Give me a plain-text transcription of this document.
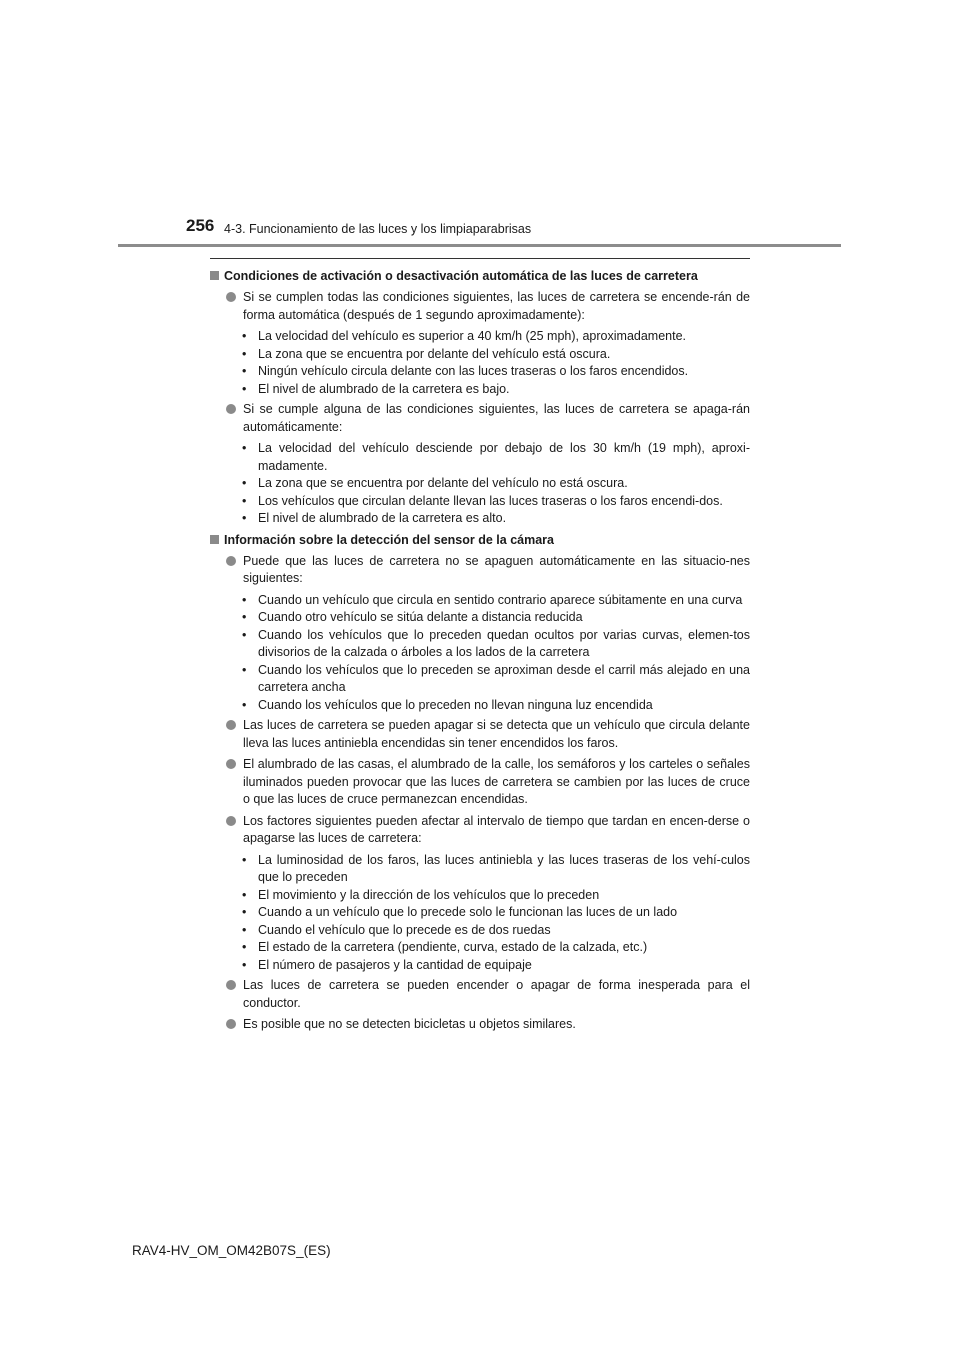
256 4-3. Funcionamiento de las luces y los limpiaparabrisas
Condiciones de activación o desactivación automática de las luces de carretera
Si se cumplen todas las condiciones siguientes, las luces de carretera se encende-rán de forma automática (después de 1 segundo aproximadamente):
• La velocidad del vehículo es superior a 40 km/h (25 mph), aproximadamente.
• La zona que se encuentra por delante del vehículo está oscura.
• Ningún vehículo circula delante con las luces traseras o los faros encendidos.
• El nivel de alumbrado de la carretera es bajo.
Si se cumple alguna de las condiciones siguientes, las luces de carretera se apaga-rán automáticamente:
• La velocidad del vehículo desciende por debajo de los 30 km/h (19 mph), aproxi-madamente.
• La zona que se encuentra por delante del vehículo no está oscura.
• Los vehículos que circulan delante llevan las luces traseras o los faros encendi-dos.
• El nivel de alumbrado de la carretera es alto.
Información sobre la detección del sensor de la cámara
Puede que las luces de carretera no se apaguen automáticamente en las situacio-nes siguientes:
• Cuando un vehículo que circula en sentido contrario aparece súbitamente en una curva
• Cuando otro vehículo se sitúa delante a distancia reducida
• Cuando los vehículos que lo preceden quedan ocultos por varias curvas, elemen-tos divisorios de la calzada o árboles a los lados de la carretera
• Cuando los vehículos que lo preceden se aproximan desde el carril más alejado en una carretera ancha
• Cuando los vehículos que lo preceden no llevan ninguna luz encendida
Las luces de carretera se pueden apagar si se detecta que un vehículo que circula delante lleva las luces antiniebla encendidas sin tener encendidos los faros.
El alumbrado de las casas, el alumbrado de la calle, los semáforos y los carteles o señales iluminados pueden provocar que las luces de carretera se cambien por las luces de cruce o que las luces de cruce permanezcan encendidas.
Los factores siguientes pueden afectar al intervalo de tiempo que tardan en encen-derse o apagarse las luces de carretera:
• La luminosidad de los faros, las luces antiniebla y las luces traseras de los vehí-culos que lo preceden
• El movimiento y la dirección de los vehículos que lo preceden
• Cuando a un vehículo que lo precede solo le funcionan las luces de un lado
• Cuando el vehículo que lo precede es de dos ruedas
• El estado de la carretera (pendiente, curva, estado de la calzada, etc.)
• El número de pasajeros y la cantidad de equipaje
Las luces de carretera se pueden encender o apagar de forma inesperada para el conductor.
Es posible que no se detecten bicicletas u objetos similares.
RAV4-HV_OM_OM42B07S_(ES)
